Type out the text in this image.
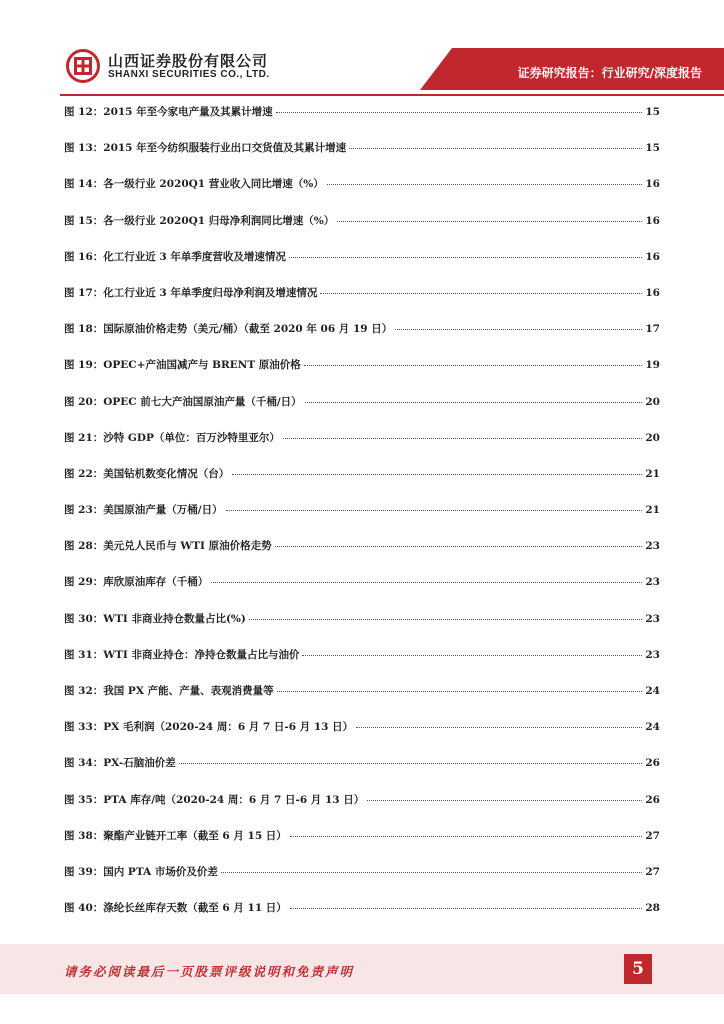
山西证券股份有限公司
SHANXI SECURITIES CO., LTD.	证券研究报告：行业研究/深度报告
图 12：2015 年至今家电产量及其累计增速	15
图 13：2015 年至今纺织服装行业出口交货值及其累计增速	15
图 14：各一级行业 2020Q1 营业收入同比增速（%）	16
图 15：各一级行业 2020Q1 归母净利润同比增速（%）	16
图 16：化工行业近 3 年单季度营收及增速情况	16
图 17：化工行业近 3 年单季度归母净利润及增速情况	16
图 18：国际原油价格走势（美元/桶）（截至 2020 年 06 月 19 日）	17
图 19：OPEC+产油国减产与 BRENT 原油价格	19
图 20：OPEC 前七大产油国原油产量（千桶/日）	20
图 21：沙特 GDP（单位：百万沙特里亚尔）	20
图 22：美国钻机数变化情况（台）	21
图 23：美国原油产量（万桶/日）	21
图 28：美元兑人民币与 WTI 原油价格走势	23
图 29：库欣原油库存（千桶）	23
图 30：WTI 非商业持仓数量占比(%)	23
图 31：WTI 非商业持仓：净持仓数量占比与油价	23
图 32：我国 PX 产能、产量、表观消费量等	24
图 33：PX 毛利润（2020-24 周：6 月 7 日-6 月 13 日）	24
图 34：PX-石脑油价差	26
图 35：PTA 库存/吨（2020-24 周：6 月 7 日-6 月 13 日）	26
图 38：聚酯产业链开工率（截至 6 月 15 日）	27
图 39：国内 PTA 市场价及价差	27
图 40：涤纶长丝库存天数（截至 6 月 11 日）	28
请务必阅读最后一页股票评级说明和免责声明	5
